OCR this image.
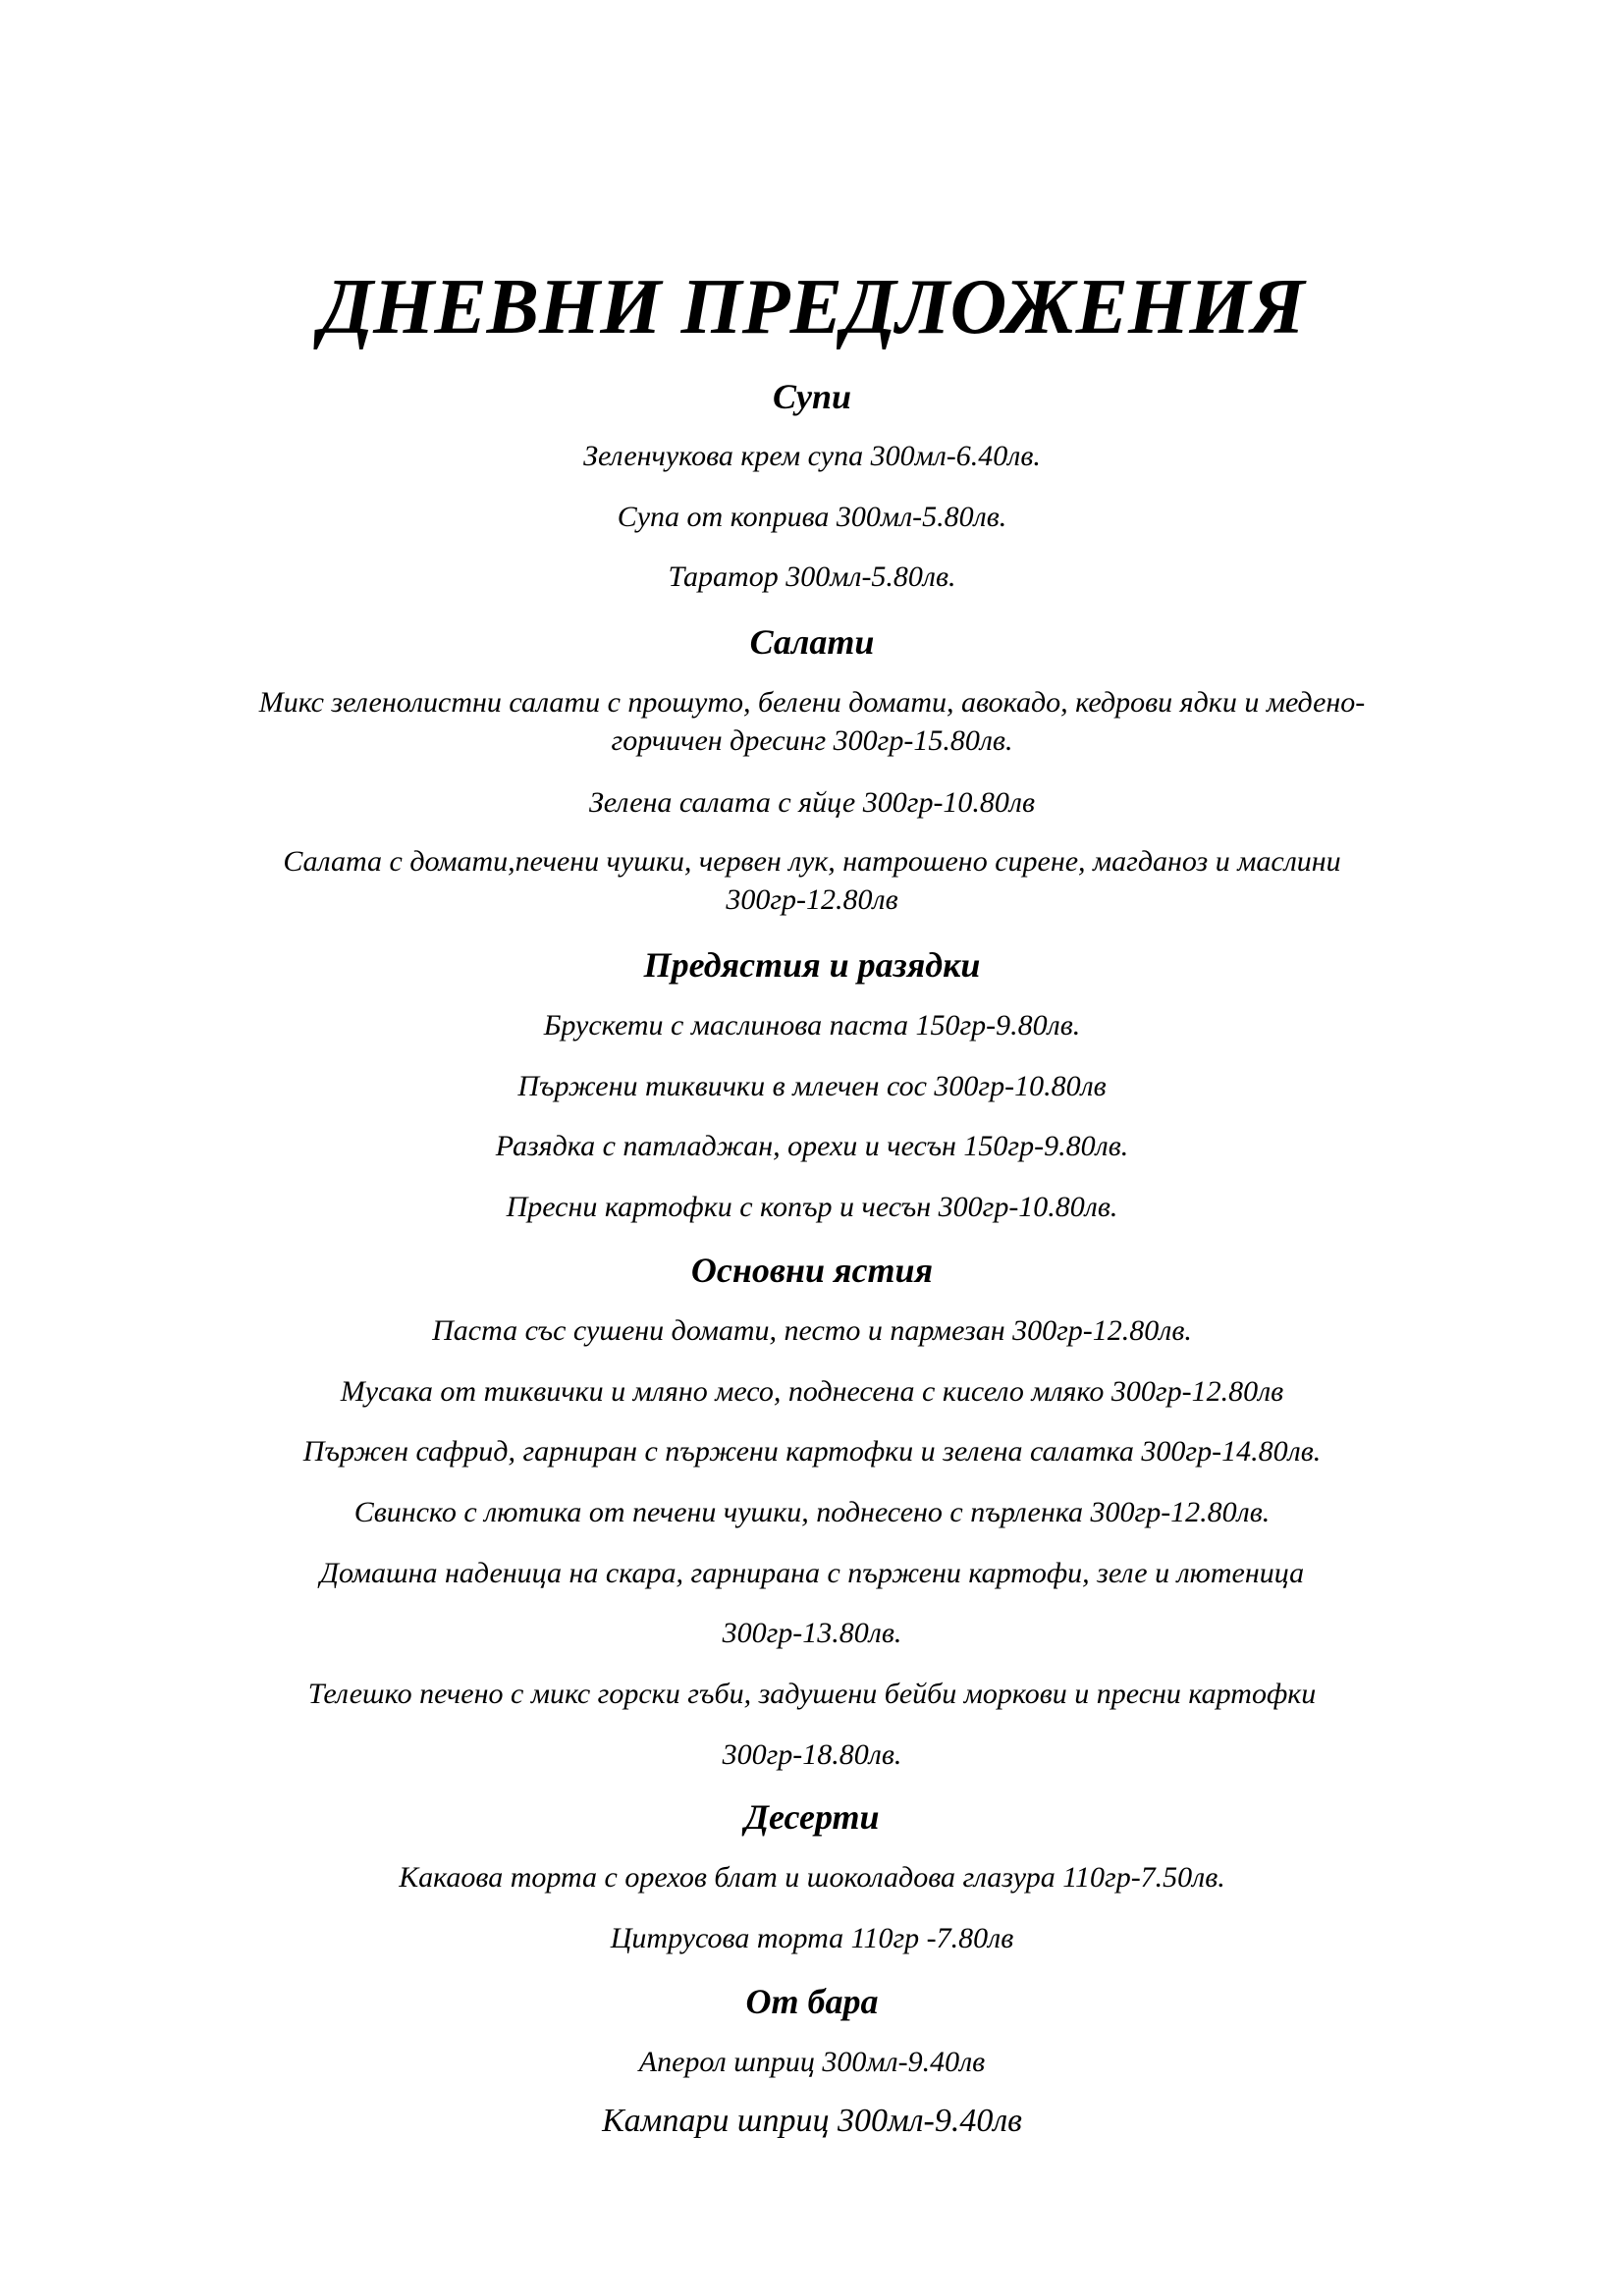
ДНЕВНИ ПРЕДЛОЖЕНИЯ
Супи

Зеленчукова крем супа 300мл-6.40лв.

Супа от коприва 300мл-5.80лв.

Таратор 300мл-5.80лв.

Салати

Микс зеленолистни салати с прошуто, белени домати, авокадо, кедрови ядки и медено-

горчичен дресинг 300гр-15.80лв.

Зелена салата с яйце 300гр-10.80лв

Салата с домати,печени чушки, червен лук, натрошено сирене, магданоз и маслини

300гр-12.80лв

Предястия и разядки

Брускети с маслинова паста 150гр-9.80лв.

Пържени тиквички в млечен сос 300гр-10.80лв

Разядка с патладжан, орехи и чесън 150гр-9.80лв.

Пресни картофки с копър и чесън 300гр-10.80лв.

Основни ястия

Паста със сушени домати, песто и пармезан 300гр-12.80лв.

Мусака от тиквички и мляно месо, поднесена с кисело мляко 300гр-12.80лв

Пържен сафрид, гарниран с пържени картофки и зелена салатка 300гр-14.80лв.

Свинско с лютика от печени чушки, поднесено с пърленка 300гр-12.80лв.

Домашна наденица на скара, гарнирана с пържени картофи, зеле и лютеница

300гр-13.80лв.

Телешко печено с микс горски гъби, задушени бейби моркови и пресни картофки

300гр-18.80лв.

Десерти

Какаова торта с орехов блат и шоколадова глазура 110гр-7.50лв.

Цитрусова торта 110гр -7.80лв

От бара

Аперол шприц 300мл-9.40лв

Кампари шприц 300мл-9.40лв
